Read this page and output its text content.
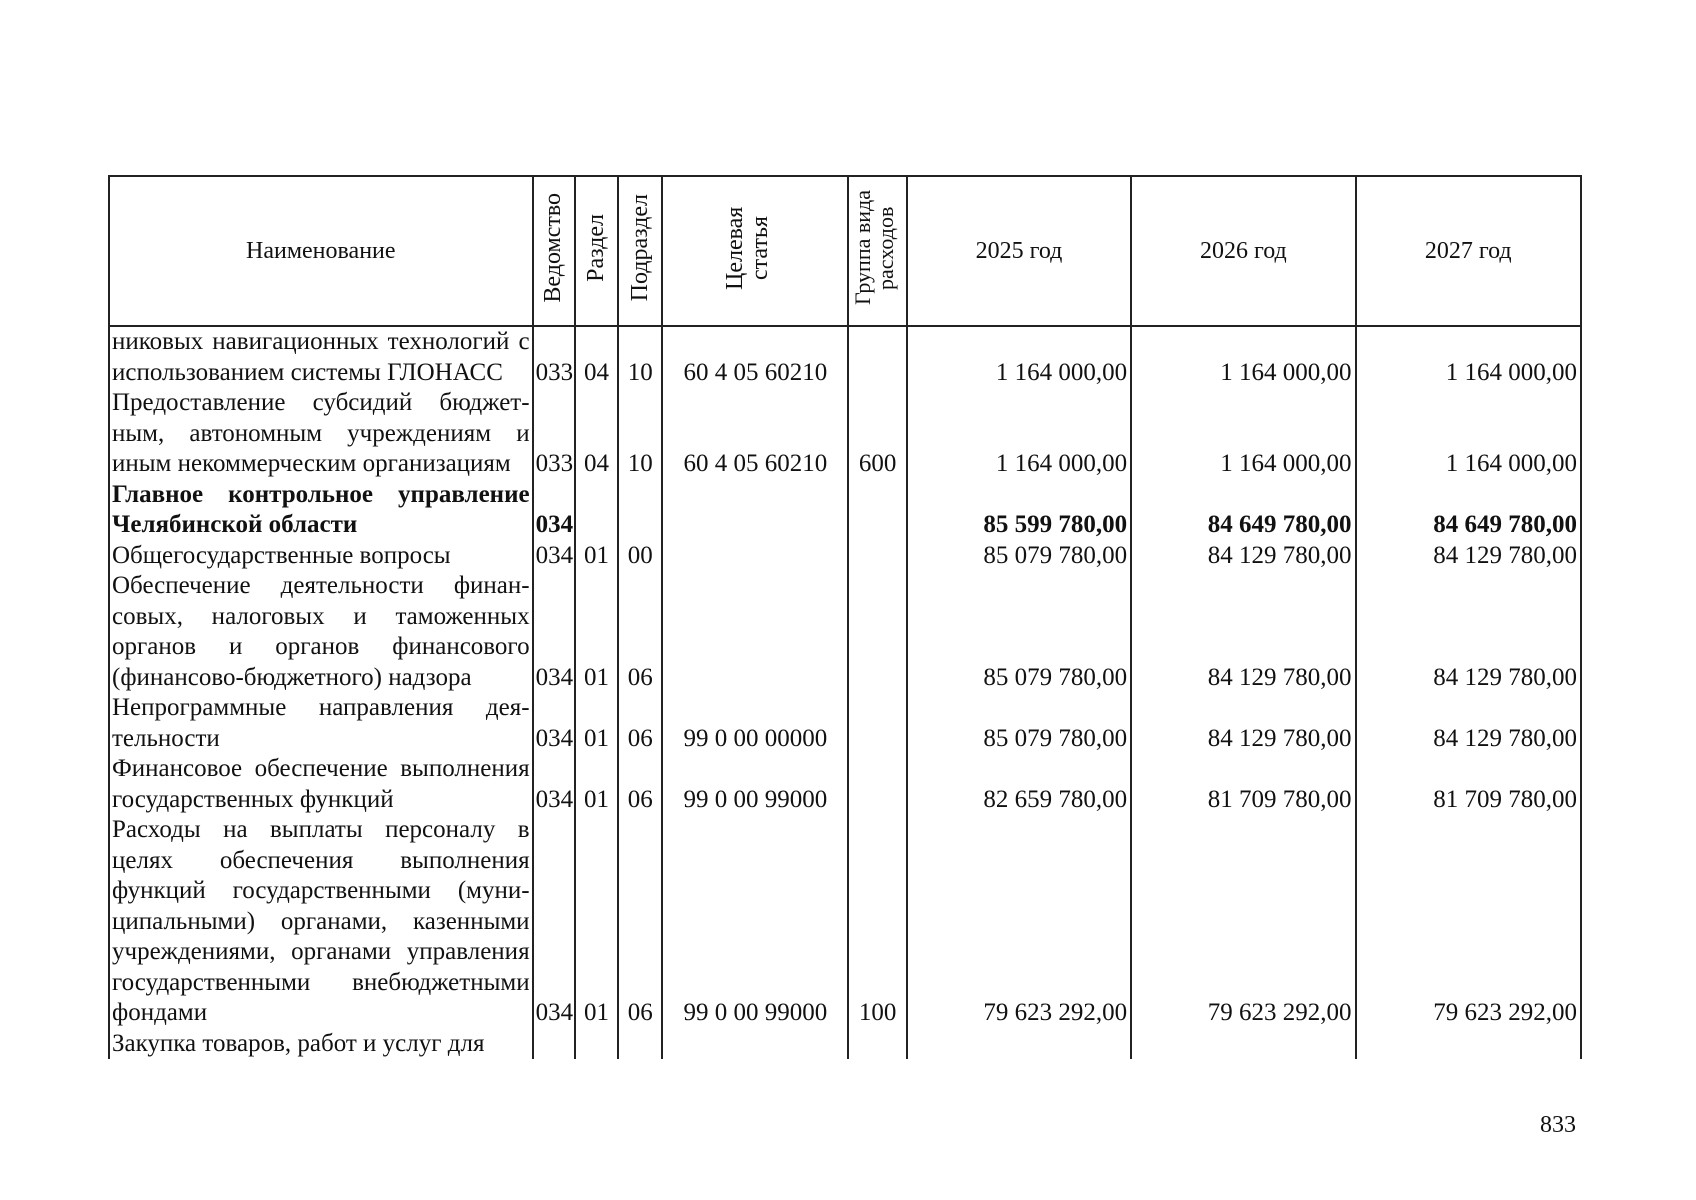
Наименование	Ведомство	Раздел	Подраздел	Целевая статья	Группа вида расходов	2025 год	2026 год	2027 год
никовых навигационных технологий с использованием системы ГЛОНАСС	033	04	10	60 4 05 60210		1 164 000,00	1 164 000,00	1 164 000,00
Предоставление субсидий бюджетным, автономным учреждениям и иным некоммерческим организациям	033	04	10	60 4 05 60210	600	1 164 000,00	1 164 000,00	1 164 000,00
Главное контрольное управление Челябинской области	034					85 599 780,00	84 649 780,00	84 649 780,00
Общегосударственные вопросы	034	01	00			85 079 780,00	84 129 780,00	84 129 780,00
Обеспечение деятельности финансовых, налоговых и таможенных органов и органов финансового (финансово-бюджетного) надзора	034	01	06			85 079 780,00	84 129 780,00	84 129 780,00
Непрограммные направления деятельности	034	01	06	99 0 00 00000		85 079 780,00	84 129 780,00	84 129 780,00
Финансовое обеспечение выполнения государственных функций	034	01	06	99 0 00 99000		82 659 780,00	81 709 780,00	81 709 780,00
Расходы на выплаты персоналу в целях обеспечения выполнения функций государственными (муниципальными) органами, казенными учреждениями, органами управления государственными внебюджетными фондами	034	01	06	99 0 00 99000	100	79 623 292,00	79 623 292,00	79 623 292,00
Закупка товаров, работ и услуг для								
833
